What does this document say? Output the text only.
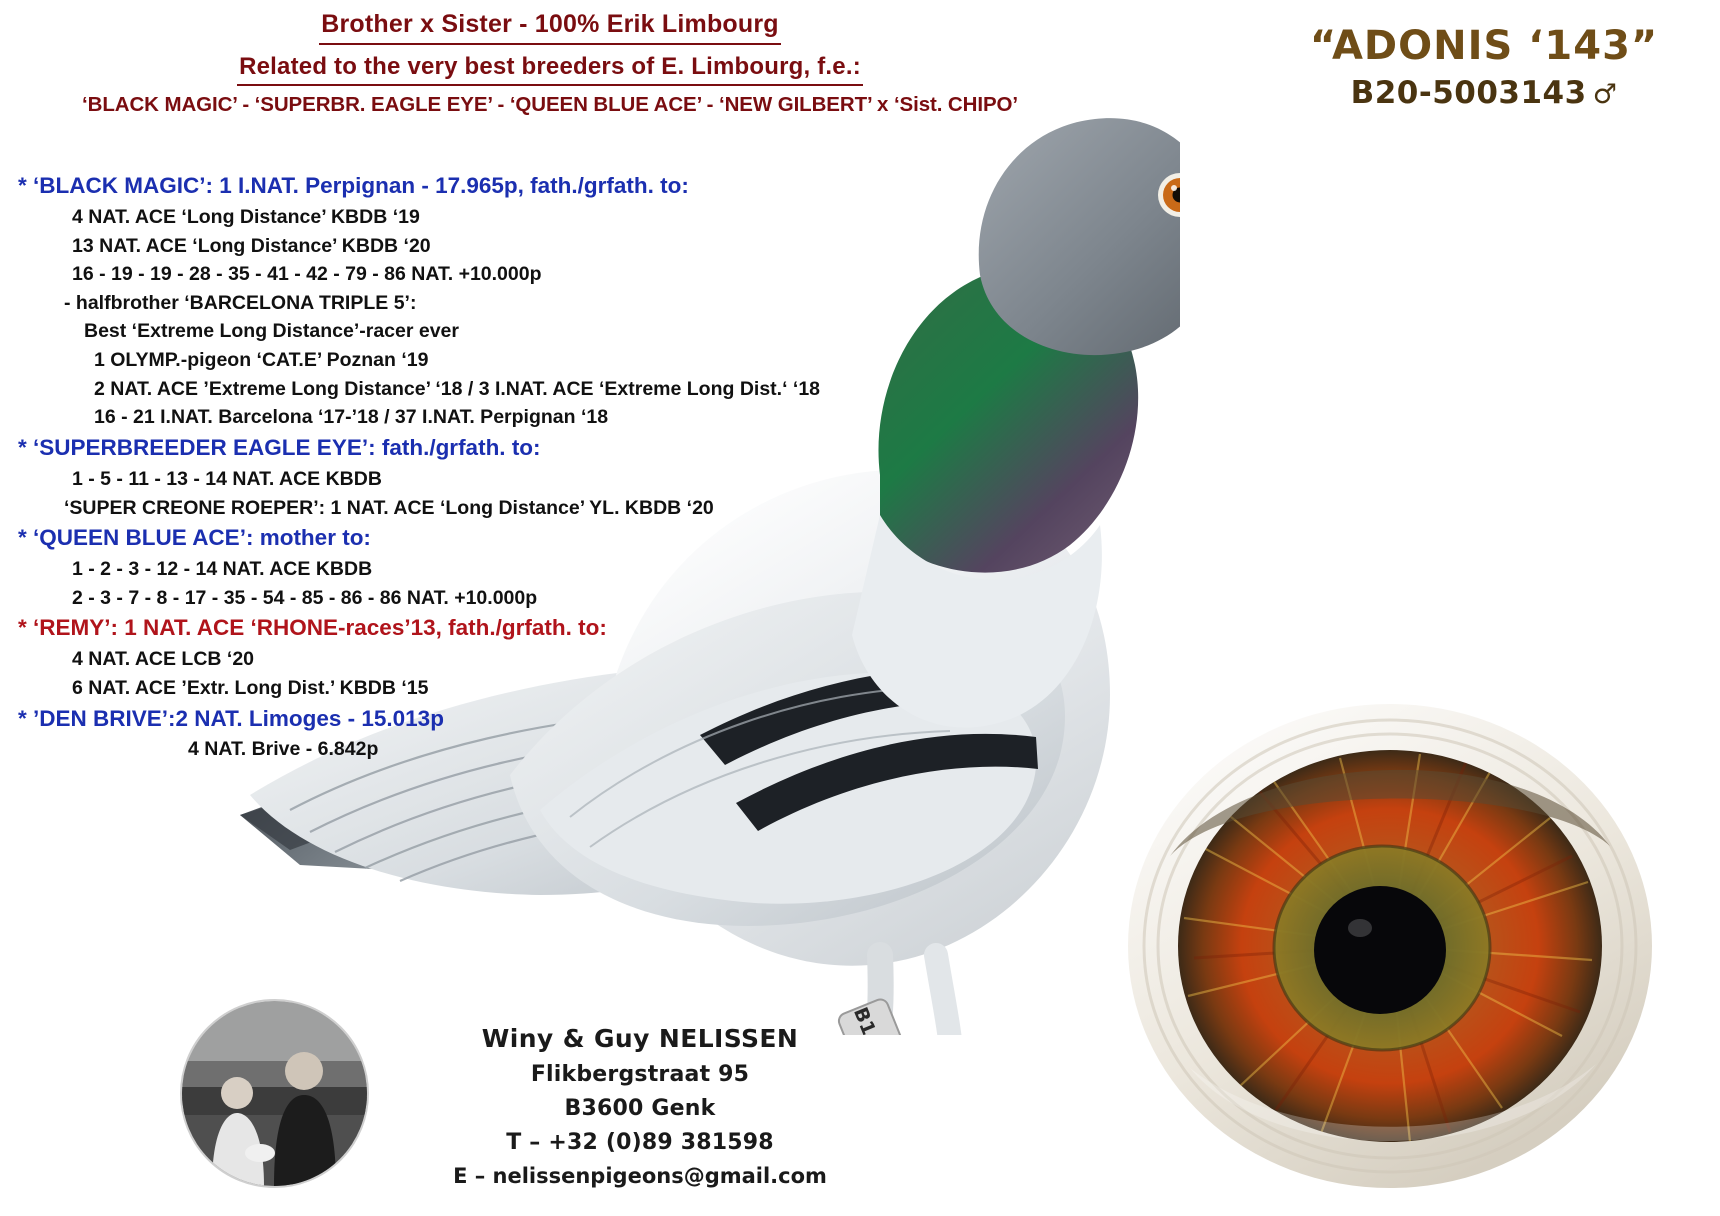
Brother x Sister - 100% Erik Limbourg
Related to the very best breeders of E. Limbourg, f.e.:
‘BLACK MAGIC’ - ‘SUPERBR. EAGLE EYE’ - ‘QUEEN BLUE ACE’ - ‘NEW GILBERT’ x ‘Sist. CHIPO’
“ADONIS ‘143”
B20-5003143 ♂
B143
* ‘BLACK MAGIC’: 1 I.NAT. Perpignan - 17.965p, fath./grfath. to:
4 NAT. ACE ‘Long Distance’ KBDB ‘19
13 NAT. ACE ‘Long Distance’ KBDB ‘20
16 - 19 - 19 - 28 - 35 - 41 - 42 - 79 - 86 NAT. +10.000p
- halfbrother ‘BARCELONA TRIPLE 5’:
Best ‘Extreme Long Distance’-racer ever
1 OLYMP.-pigeon ‘CAT.E’ Poznan ‘19
2 NAT. ACE ’Extreme Long Distance’ ‘18 / 3 I.NAT. ACE ‘Extreme Long Dist.‘ ‘18
16 - 21 I.NAT. Barcelona ‘17-’18 / 37 I.NAT. Perpignan ‘18
* ‘SUPERBREEDER EAGLE EYE’: fath./grfath. to:
1 - 5 - 11 - 13 - 14 NAT. ACE KBDB
‘SUPER CREONE ROEPER’: 1 NAT. ACE ‘Long Distance’ YL. KBDB ‘20
* ‘QUEEN BLUE ACE’: mother to:
1 - 2 - 3 - 12 - 14 NAT. ACE KBDB
2 - 3 - 7 - 8 - 17 - 35 - 54 - 85 - 86 - 86 NAT. +10.000p
* ‘REMY’: 1 NAT. ACE ‘RHONE-races’13, fath./grfath. to:
4 NAT. ACE LCB ‘20
6 NAT. ACE ’Extr. Long Dist.’ KBDB ‘15
* ’DEN BRIVE’:2 NAT. Limoges - 15.013p
4 NAT. Brive - 6.842p
Winy & Guy NELISSEN
Flikbergstraat 95
B3600 Genk
T – +32 (0)89 381598
E – nelissenpigeons@gmail.com
